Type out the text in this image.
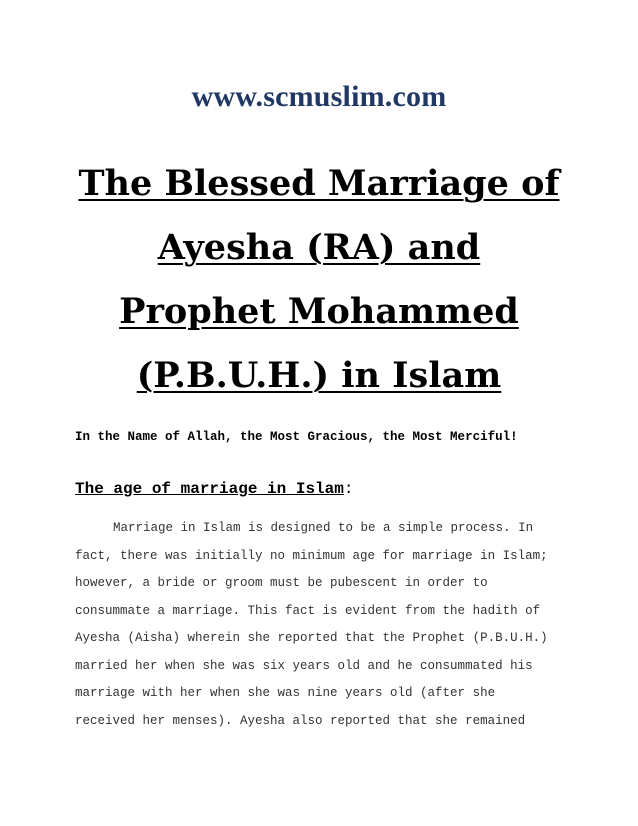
www.scmuslim.com
The Blessed Marriage of
Ayesha (RA) and
Prophet Mohammed
(P.B.U.H.) in Islam
In the Name of Allah, the Most Gracious, the Most Merciful!
The age of marriage in Islam:
Marriage in Islam is designed to be a simple process. In
fact, there was initially no minimum age for marriage in Islam;
however, a bride or groom must be pubescent in order to
consummate a marriage. This fact is evident from the hadith of
Ayesha (Aisha) wherein she reported that the Prophet (P.B.U.H.)
married her when she was six years old and he consummated his
marriage with her when she was nine years old (after she
received her menses). Ayesha also reported that she remained
